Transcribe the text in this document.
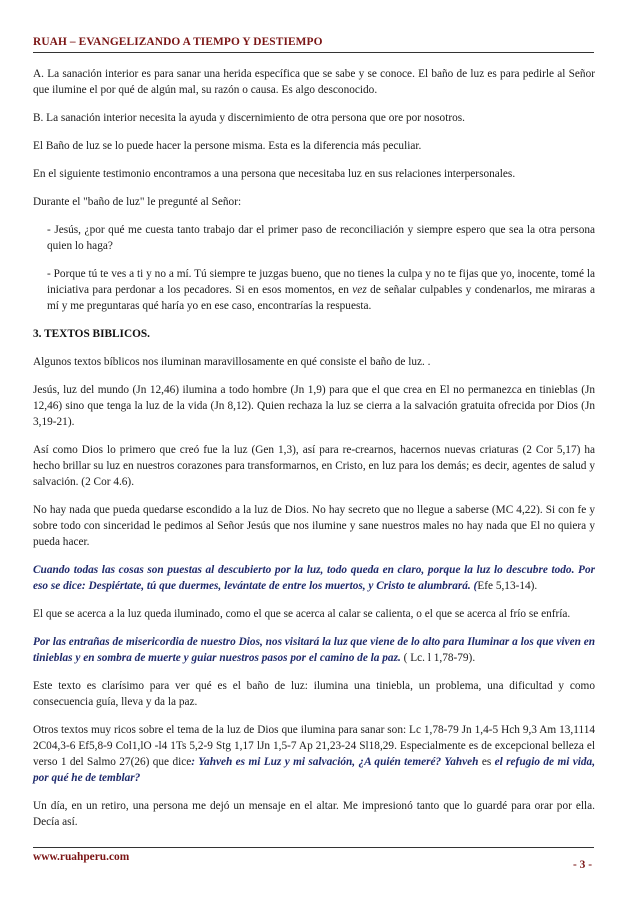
RUAH – EVANGELIZANDO A TIEMPO Y DESTIEMPO

A. La sanación interior es para sanar una herida específica que se sabe y se conoce. El baño de luz es para pedirle al Señor que ilumine el por qué de algún mal, su razón o causa. Es algo desconocido.

B. La sanación interior necesita la ayuda y discernimiento de otra persona que ore por nosotros.

El Baño de luz se lo puede hacer la persone misma. Esta es la diferencia más peculiar.

En el siguiente testimonio encontramos a una persona que necesitaba luz en sus relaciones interpersonales.

Durante el "baño de luz" le pregunté al Señor:

- Jesús, ¿por qué me cuesta tanto trabajo dar el primer paso de reconciliación y siempre espero que sea la otra persona quien lo haga?

- Porque tú te ves a ti y no a mí. Tú siempre te juzgas bueno, que no tienes la culpa y no te fijas que yo, inocente, tomé la iniciativa para perdonar a los pecadores. Si en esos momentos, en vez de señalar culpables y condenarlos, me miraras a mí y me preguntaras qué haría yo en ese caso, encontrarías la respuesta.

3. TEXTOS BIBLICOS.

Algunos textos bíblicos nos iluminan maravillosamente en qué consiste el baño de luz. .

Jesús, luz del mundo (Jn 12,46) ilumina a todo hombre (Jn 1,9) para que el que crea en El no permanezca en tinieblas (Jn 12,46) sino que tenga la luz de la vida (Jn 8,12). Quien rechaza la luz se cierra a la salvación gratuita ofrecida por Dios (Jn 3,19-21).

Así como Dios lo primero que creó fue la luz (Gen 1,3), así para re-crearnos, hacernos nuevas criaturas (2 Cor 5,17) ha hecho brillar su luz en nuestros corazones para transformarnos, en Cristo, en luz para los demás; es decir, agentes de salud y salvación. (2 Cor 4.6).

No hay nada que pueda quedarse escondido a la luz de Dios. No hay secreto que no llegue a saberse (MC 4,22). Si con fe y sobre todo con sinceridad le pedimos al Señor Jesús que nos ilumine y sane nuestros males no hay nada que El no quiera y pueda hacer.

Cuando todas las cosas son puestas al descubierto por la luz, todo queda en claro, porque la luz lo descubre todo. Por eso se dice: Despiértate, tú que duermes, levántate de entre los muertos, y Cristo te alumbrará. (Efe 5,13-14).

El que se acerca a la luz queda iluminado, como el que se acerca al calar se calienta, o el que se acerca al frío se enfría.

Por las entrañas de misericordia de nuestro Dios, nos visitará la luz que viene de lo alto para Iluminar a los que viven en tinieblas y en sombra de muerte y guiar nuestros pasos por el camino de la paz. ( Lc. l 1,78-79).

Este texto es clarísimo para ver qué es el baño de luz: ilumina una tiniebla, un problema, una dificultad y como consecuencia guía, lleva y da la paz.

Otros textos muy ricos sobre el tema de la luz de Dios que ilumina para sanar son: Lc 1,78-79 Jn 1,4-5 Hch 9,3 Am 13,1114 2C04,3-6 Ef5,8-9 Col1,lO -l4 1Ts 5,2-9 Stg 1,17 lJn 1,5-7 Ap 21,23-24 Sl18,29. Especialmente es de excepcional belleza el verso 1 del Salmo 27(26) que dice: Yahveh es mi Luz y mi salvación, ¿A quién temeré? Yahveh es el refugio de mi vida, por qué he de temblar?

Un día, en un retiro, una persona me dejó un mensaje en el altar. Me impresionó tanto que lo guardé para orar por ella. Decía así.

www.ruahperu.com
- 3 -
